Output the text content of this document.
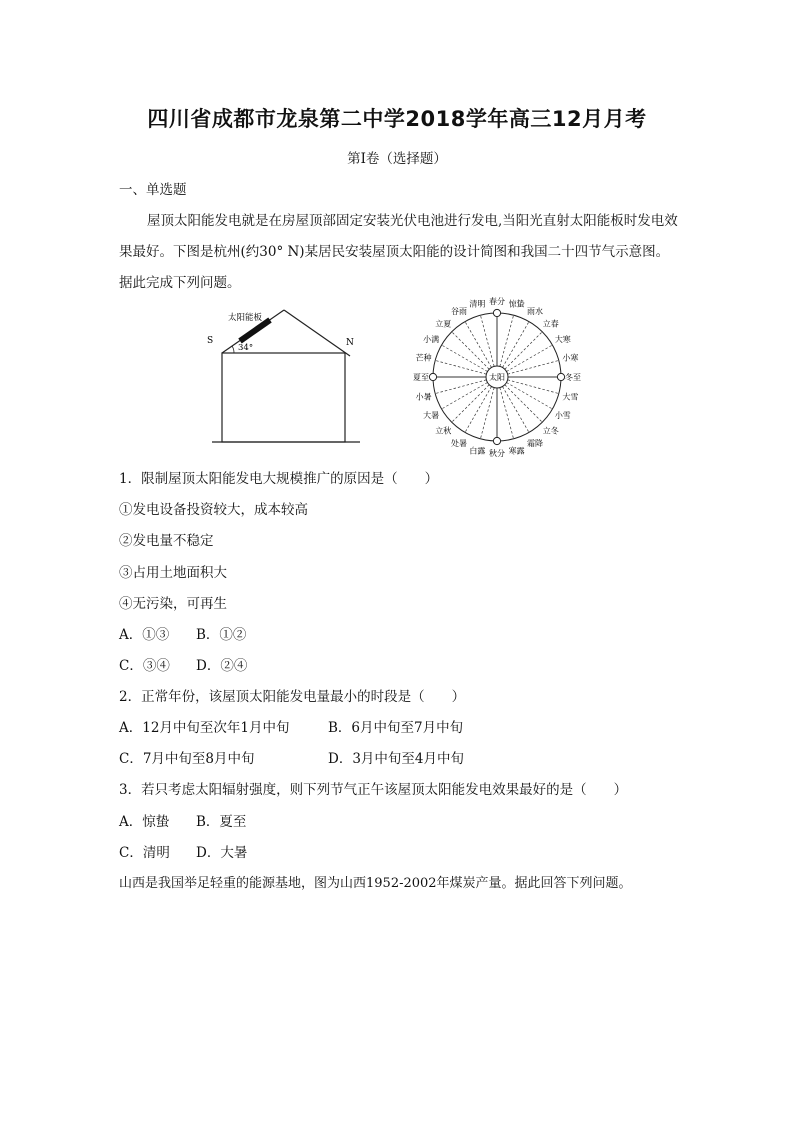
四川省成都市龙泉第二中学2018学年高三12月月考
第Ⅰ卷（选择题）
一、单选题
屋顶太阳能发电就是在房屋顶部固定安装光伏电池进行发电,当阳光直射太阳能板时发电效果最好。下图是杭州(约30° N)某居民安装屋顶太阳能的设计简图和我国二十四节气示意图。据此完成下列问题。
太阳能板
34°
S	N
春分 惊蛰
雨水
立春
大寒
小寒
冬至
大雪
小雪
立冬
霜降
寒露
秋分
白露
处暑
立秋
大暑
小暑
夏至
芒种
小满
立夏
谷雨
清明
太阳
1．限制屋顶太阳能发电大规模推广的原因是（　　）
①发电设备投资较大，成本较高
②发电量不稳定
③占用土地面积大
④无污染，可再生
A．①③ B．①②
C．③④ D．②④
2．正常年份，该屋顶太阳能发电量最小的时段是（　　）
A．12月中旬至次年1月中旬	B．6月中旬至7月中旬
C．7月中旬至8月中旬	D．3月中旬至4月中旬
3．若只考虑太阳辐射强度，则下列节气正午该屋顶太阳能发电效果最好的是（　　）
A．惊蛰 B．夏至
C．清明 D．大暑
山西是我国举足轻重的能源基地，图为山西1952-2002年煤炭产量。据此回答下列问题。
